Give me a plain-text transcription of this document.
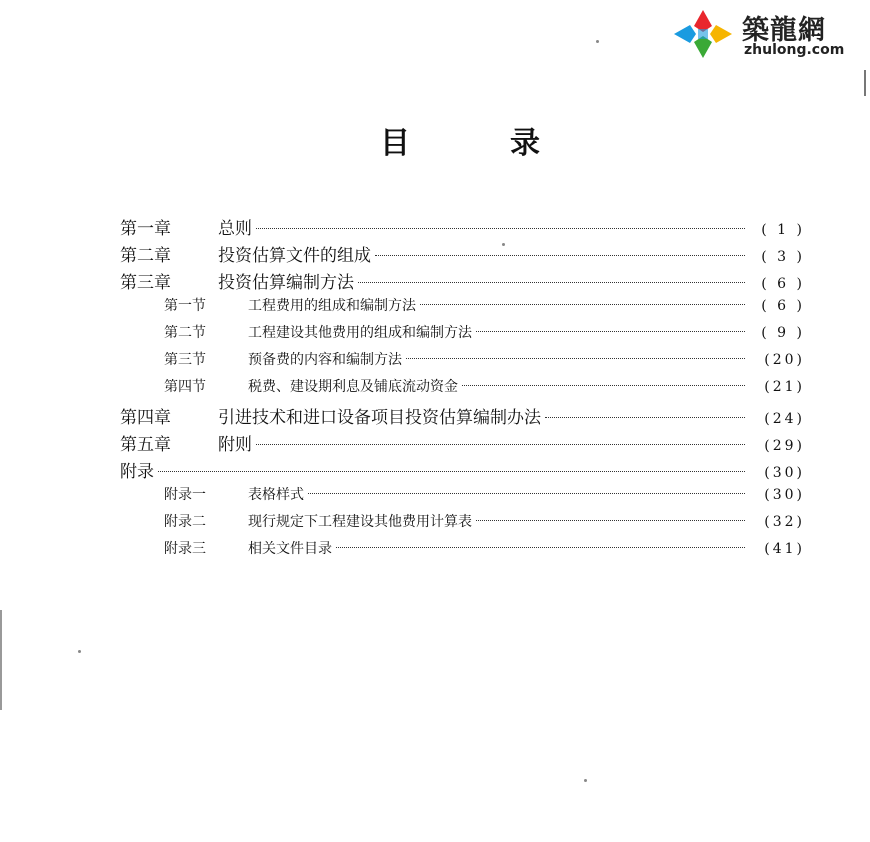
築龍網
zhulong.com
目	录
第一章	总则	( 1 )
第二章	投资估算文件的组成	( 3 )
第三章	投资估算编制方法	( 6 )
第一节	工程费用的组成和编制方法	( 6 )
第二节	工程建设其他费用的组成和编制方法	( 9 )
第三节	预备费的内容和编制方法	(20)
第四节	税费、建设期利息及铺底流动资金	(21)
第四章	引进技术和进口设备项目投资估算编制办法	(24)
第五章	附则	(29)
附录	(30)
附录一	表格样式	(30)
附录二	现行规定下工程建设其他费用计算表	(32)
附录三	相关文件目录	(41)
